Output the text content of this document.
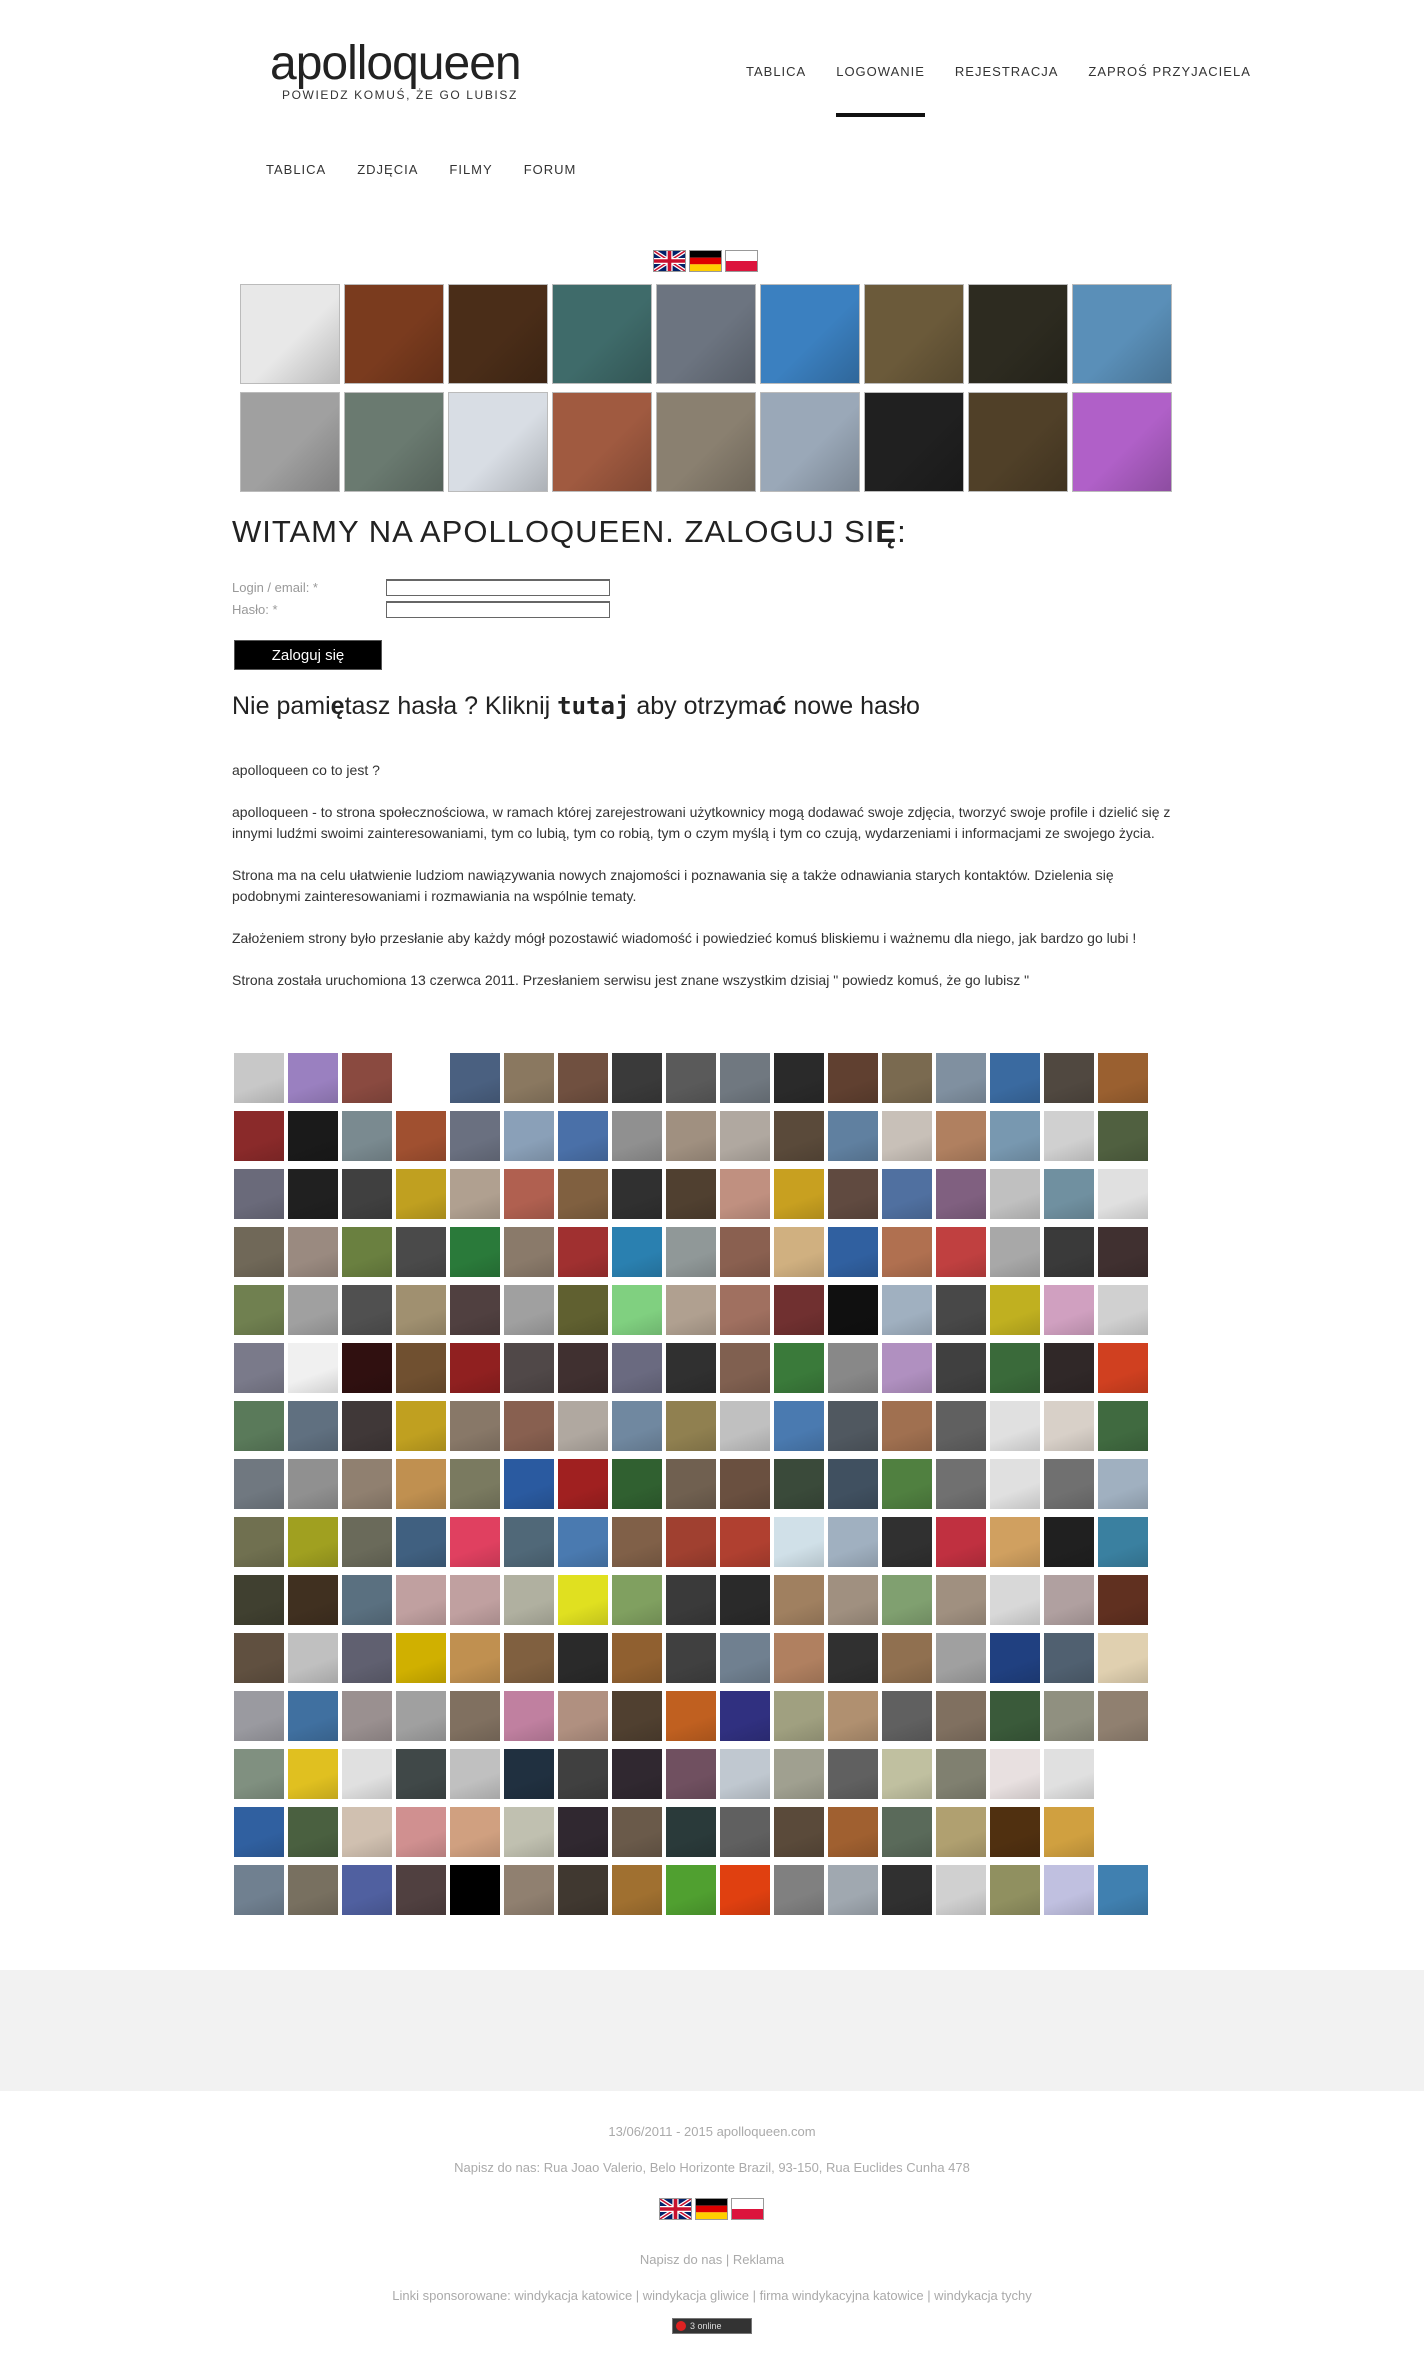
apolloqueen
POWIEDZ KOMUŚ, ŻE GO LUBISZ
TABLICA LOGOWANIE REJESTRACJA ZAPROŚ PRZYJACIELA
TABLICA ZDJĘCIA FILMY FORUM
WITAMY NA APOLLOQUEEN. ZALOGUJ SIĘ:
Login / email: *
Hasło: *
Zaloguj się
Nie pamiętasz hasła ? Kliknij tutaj aby otrzymać nowe hasło

apolloqueen co to jest ?

apolloqueen - to strona społecznościowa, w ramach której zarejestrowani użytkownicy mogą dodawać swoje zdjęcia, tworzyć swoje profile i dzielić się z innymi ludźmi swoimi zainteresowaniami, tym co lubią, tym co robią, tym o czym myślą i tym co czują, wydarzeniami i informacjami ze swojego życia.

Strona ma na celu ułatwienie ludziom nawiązywania nowych znajomości i poznawania się a także odnawiania starych kontaktów. Dzielenia się podobnymi zainteresowaniami i rozmawiania na wspólnie tematy.

Założeniem strony było przesłanie aby każdy mógł pozostawić wiadomość i powiedzieć komuś bliskiemu i ważnemu dla niego, jak bardzo go lubi !

Strona została uruchomiona 13 czerwca 2011. Przesłaniem serwisu jest znane wszystkim dzisiaj " powiedz komuś, że go lubisz "

13/06/2011 - 2015 apolloqueen.com
Napisz do nas: Rua Joao Valerio, Belo Horizonte Brazil, 93-150, Rua Euclides Cunha 478
Napisz do nas | Reklama
Linki sponsorowane: windykacja katowice | windykacja gliwice | firma windykacyjna katowice | windykacja tychy
3 online
